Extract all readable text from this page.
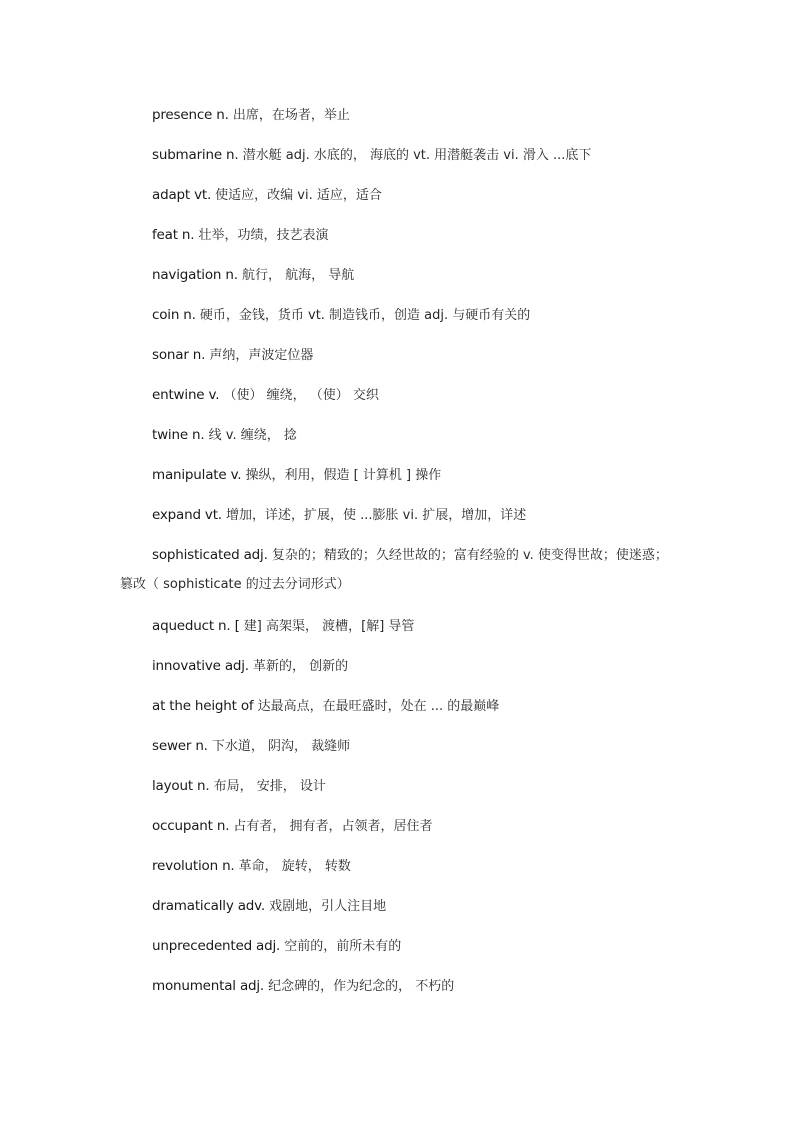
presence n. 出席，在场者，举止

submarine n. 潜水艇 adj. 水底的， 海底的 vt. 用潜艇袭击 vi. 滑入 ...底下

adapt vt. 使适应，改编 vi. 适应，适合

feat n. 壮举，功绩，技艺表演

navigation n. 航行， 航海， 导航

coin n. 硬币，金钱，货币 vt. 制造钱币，创造 adj. 与硬币有关的

sonar n. 声纳，声波定位器

entwine v. （使） 缠绕， （使） 交织

twine n. 线 v. 缠绕， 捻

manipulate v. 操纵，利用，假造 [ 计算机 ] 操作

expand vt. 增加，详述，扩展，使 ...膨胀 vi. 扩展，增加，详述

sophisticated adj. 复杂的；精致的；久经世故的；富有经验的 v. 使变得世故；使迷惑；篡改（ sophisticate 的过去分词形式）

aqueduct n. [ 建] 高架渠， 渡槽，[解] 导管

innovative adj. 革新的， 创新的

at the height of 达最高点，在最旺盛时，处在 ... 的最巅峰

sewer n. 下水道， 阴沟， 裁缝师

layout n. 布局， 安排， 设计

occupant n. 占有者， 拥有者，占领者，居住者

revolution n. 革命， 旋转， 转数

dramatically adv. 戏剧地，引人注目地

unprecedented adj. 空前的，前所未有的

monumental adj. 纪念碑的，作为纪念的， 不朽的
